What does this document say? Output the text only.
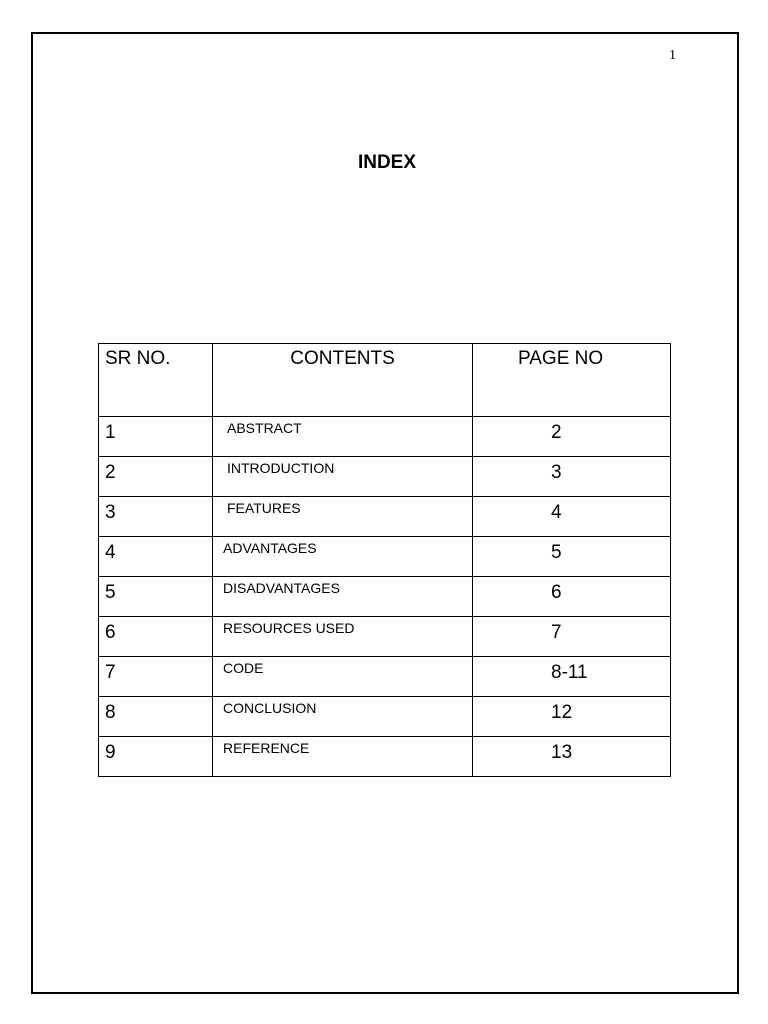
1
INDEX
SR NO.	CONTENTS	PAGE NO
1	ABSTRACT	2
2	INTRODUCTION	3
3	FEATURES	4
4	ADVANTAGES	5
5	DISADVANTAGES	6
6	RESOURCES USED	7
7	CODE	8-11
8	CONCLUSION	12
9	REFERENCE	13
